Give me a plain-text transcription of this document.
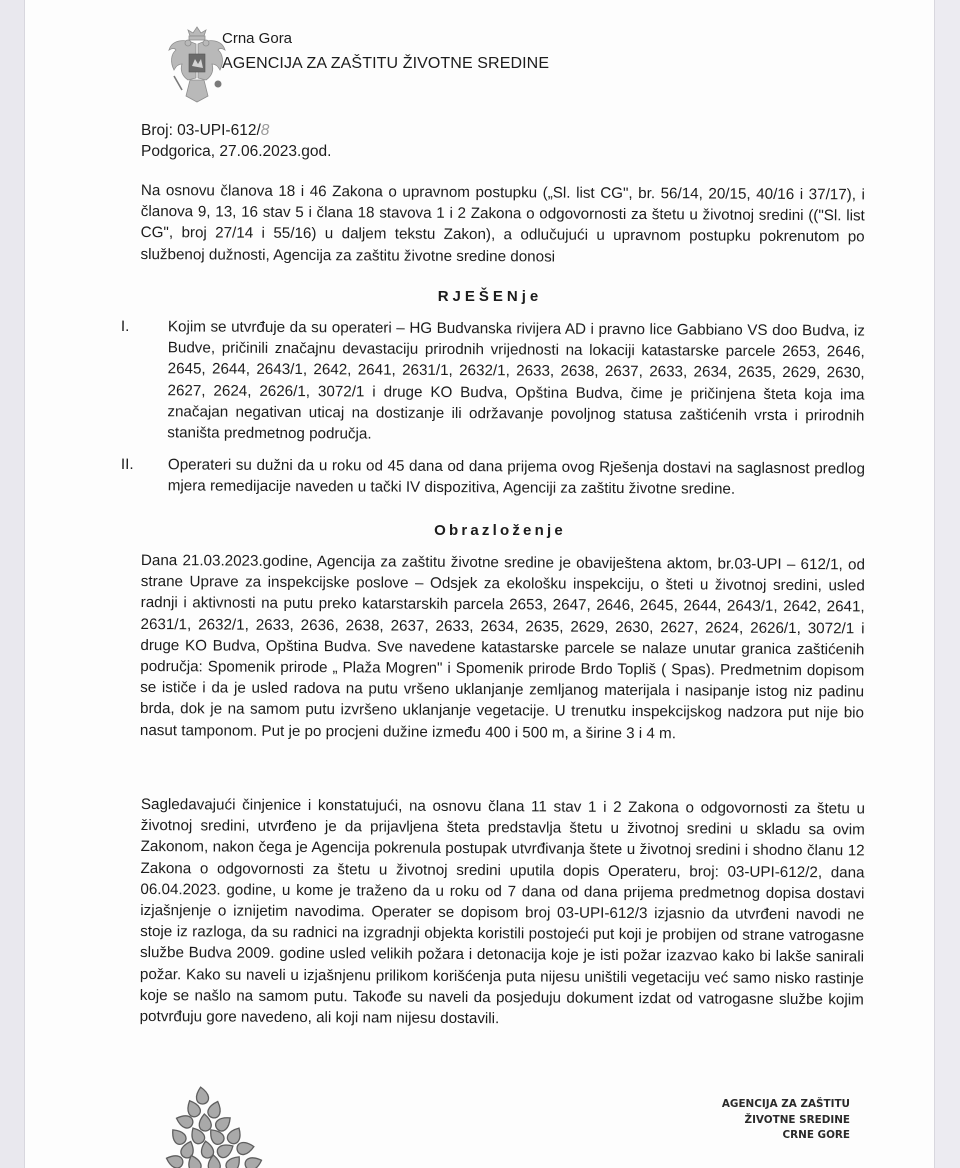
Crna Gora
AGENCIJA ZA ZAŠTITU ŽIVOTNE SREDINE
Broj: 03-UPI-612/8
Podgorica, 27.06.2023.god.
Na osnovu članova 18 i 46 Zakona o upravnom postupku („Sl. list CG", br. 56/14, 20/15, 40/16 i 37/17), i članova 9, 13, 16 stav 5 i člana 18 stavova 1 i 2 Zakona o odgovornosti za štetu u životnoj sredini (("Sl. list CG", broj 27/14 i 55/16) u daljem tekstu Zakon), a odlučujući u upravnom postupku pokrenutom po službenoj dužnosti, Agencija za zaštitu životne sredine donosi
RJEŠENje
I.	Kojim se utvrđuje da su operateri – HG Budvanska rivijera AD i pravno lice Gabbiano VS doo Budva, iz Budve, pričinili značajnu devastaciju prirodnih vrijednosti na lokaciji katastarske parcele 2653, 2646, 2645, 2644, 2643/1, 2642, 2641, 2631/1, 2632/1, 2633, 2638, 2637, 2633, 2634, 2635, 2629, 2630, 2627, 2624, 2626/1, 3072/1 i druge KO Budva, Opština Budva, čime je pričinjena šteta koja ima značajan negativan uticaj na dostizanje ili održavanje povoljnog statusa zaštićenih vrsta i prirodnih staništa predmetnog područja.
II.	Operateri su dužni da u roku od 45 dana od dana prijema ovog Rješenja dostavi na saglasnost predlog mjera remedijacije naveden u tački IV dispozitiva, Agenciji za zaštitu životne sredine.
Obrazloženje
Dana 21.03.2023.godine, Agencija za zaštitu životne sredine je obaviještena aktom, br.03-UPI – 612/1, od strane Uprave za inspekcijske poslove – Odsjek za ekološku inspekciju, o šteti u životnoj sredini, usled radnji i aktivnosti na putu preko katarstarskih parcela 2653, 2647, 2646, 2645, 2644, 2643/1, 2642, 2641, 2631/1, 2632/1, 2633, 2636, 2638, 2637, 2633, 2634, 2635, 2629, 2630, 2627, 2624, 2626/1, 3072/1 i druge KO Budva, Opština Budva. Sve navedene katastarske parcele se nalaze unutar granica zaštićenih područja: Spomenik prirode „ Plaža Mogren" i Spomenik prirode Brdo Topliš ( Spas). Predmetnim dopisom se ističe i da je usled radova na putu vršeno uklanjanje zemljanog materijala i nasipanje istog niz padinu brda, dok je na samom putu izvršeno uklanjanje vegetacije. U trenutku inspekcijskog nadzora put nije bio nasut tamponom. Put je po procjeni dužine između 400 i 500 m, a širine 3 i 4 m.
Sagledavajući činjenice i konstatujući, na osnovu člana 11 stav 1 i 2 Zakona o odgovornosti za štetu u životnoj sredini, utvrđeno je da prijavljena šteta predstavlja štetu u životnoj sredini u skladu sa ovim Zakonom, nakon čega je Agencija pokrenula postupak utvrđivanja štete u životnoj sredini i shodno članu 12 Zakona o odgovornosti za štetu u životnoj sredini uputila dopis Operateru, broj: 03-UPI-612/2, dana 06.04.2023. godine, u kome je traženo da u roku od 7 dana od dana prijema predmetnog dopisa dostavi izjašnjenje o iznijetim navodima. Operater se dopisom broj 03-UPI-612/3 izjasnio da utvrđeni navodi ne stoje iz razloga, da su radnici na izgradnji objekta koristili postojeći put koji je probijen od strane vatrogasne službe Budva 2009. godine usled velikih požara i detonacija koje je isti požar izazvao kako bi lakše sanirali požar. Kako su naveli u izjašnjenu prilikom korišćenja puta nijesu uništili vegetaciju već samo nisko rastinje koje se našlo na samom putu. Takođe su naveli da posjeduju dokument izdat od vatrogasne službe kojim potvrđuju gore navedeno, ali koji nam nijesu dostavili.
AGENCIJA ZA ZAŠTITU
ŽIVOTNE SREDINE
CRNE GORE
